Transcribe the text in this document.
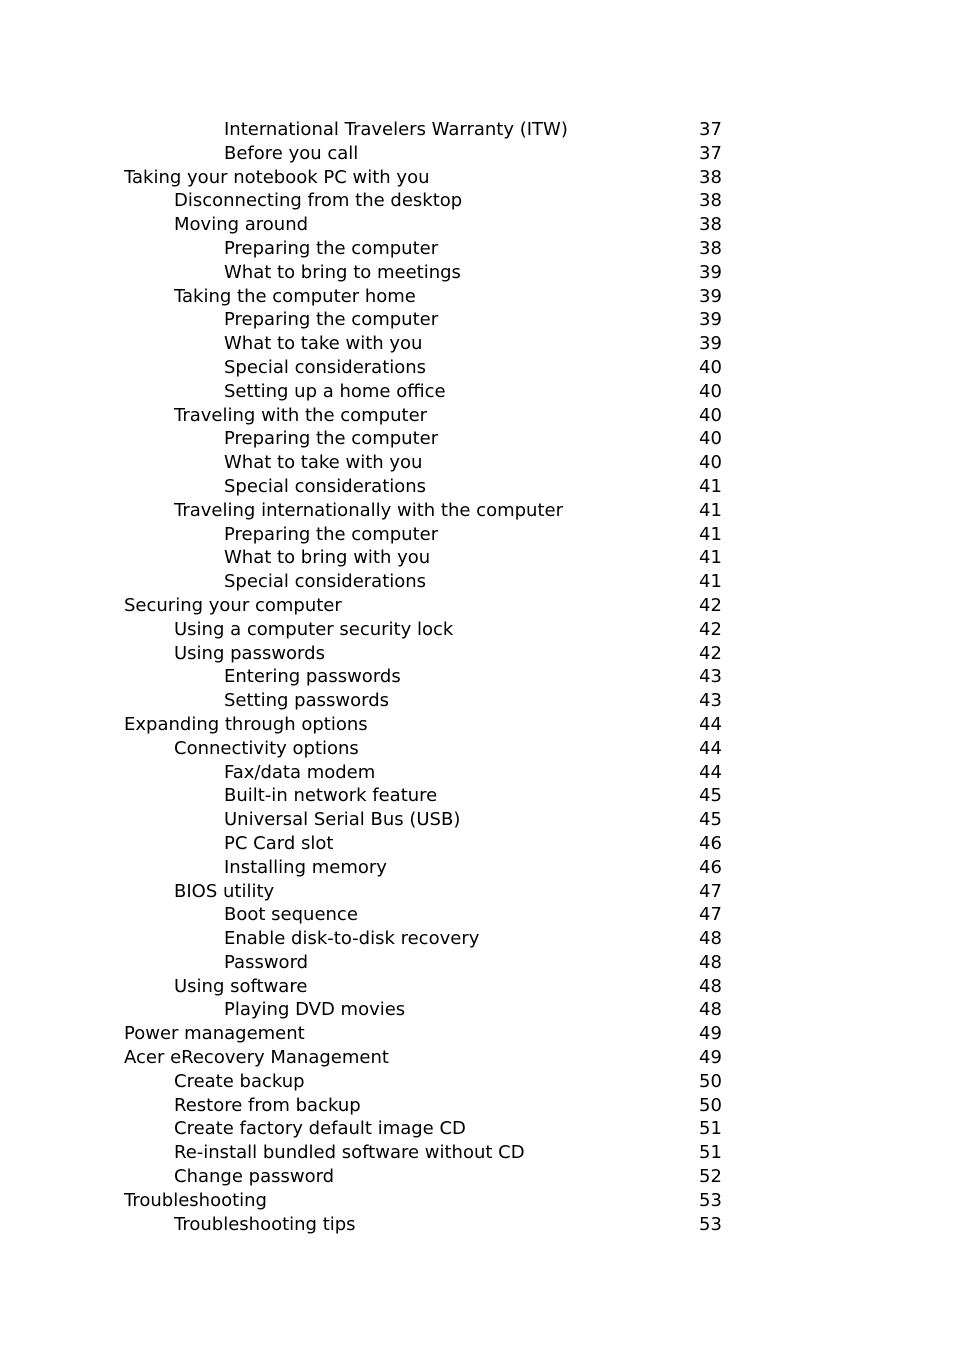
International Travelers Warranty (ITW)	37
Before you call	37
Taking your notebook PC with you	38
Disconnecting from the desktop	38
Moving around	38
Preparing the computer	38
What to bring to meetings	39
Taking the computer home	39
Preparing the computer	39
What to take with you	39
Special considerations	40
Setting up a home office	40
Traveling with the computer	40
Preparing the computer	40
What to take with you	40
Special considerations	41
Traveling internationally with the computer	41
Preparing the computer	41
What to bring with you	41
Special considerations	41
Securing your computer	42
Using a computer security lock	42
Using passwords	42
Entering passwords	43
Setting passwords	43
Expanding through options	44
Connectivity options	44
Fax/data modem	44
Built-in network feature	45
Universal Serial Bus (USB)	45
PC Card slot	46
Installing memory	46
BIOS utility	47
Boot sequence	47
Enable disk-to-disk recovery	48
Password	48
Using software	48
Playing DVD movies	48
Power management	49
Acer eRecovery Management	49
Create backup	50
Restore from backup	50
Create factory default image CD	51
Re-install bundled software without CD	51
Change password	52
Troubleshooting	53
Troubleshooting tips	53
